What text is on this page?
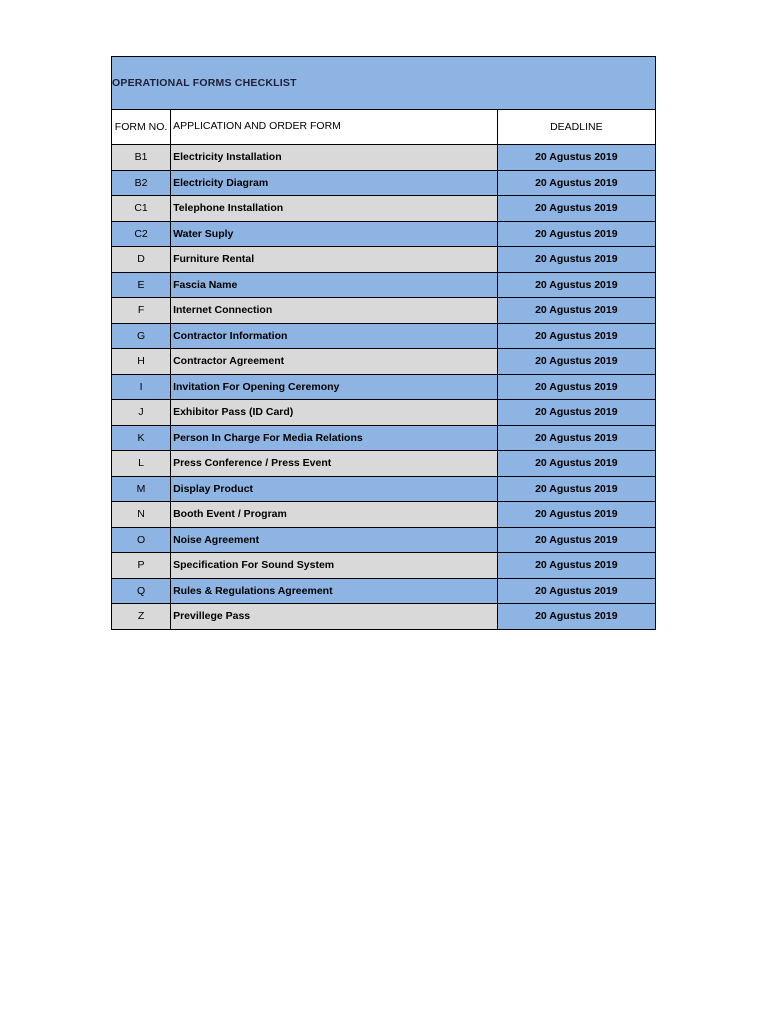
OPERATIONAL FORMS CHECKLIST		
FORM NO.	APPLICATION AND ORDER FORM	DEADLINE
B1	Electricity Installation	20 Agustus 2019
B2	Electricity Diagram	20 Agustus 2019
C1	Telephone Installation	20 Agustus 2019
C2	Water Suply	20 Agustus 2019
D	Furniture Rental	20 Agustus 2019
E	Fascia Name	20 Agustus 2019
F	Internet Connection	20 Agustus 2019
G	Contractor Information	20 Agustus 2019
H	Contractor Agreement	20 Agustus 2019
I	Invitation For Opening Ceremony	20 Agustus 2019
J	Exhibitor Pass (ID Card)	20 Agustus 2019
K	Person In Charge For Media Relations	20 Agustus 2019
L	Press Conference / Press Event	20 Agustus 2019
M	Display Product	20 Agustus 2019
N	Booth Event / Program	20 Agustus 2019
O	Noise Agreement	20 Agustus 2019
P	Specification For Sound System	20 Agustus 2019
Q	Rules & Regulations Agreement	20 Agustus 2019
Z	Previllege Pass	20 Agustus 2019
